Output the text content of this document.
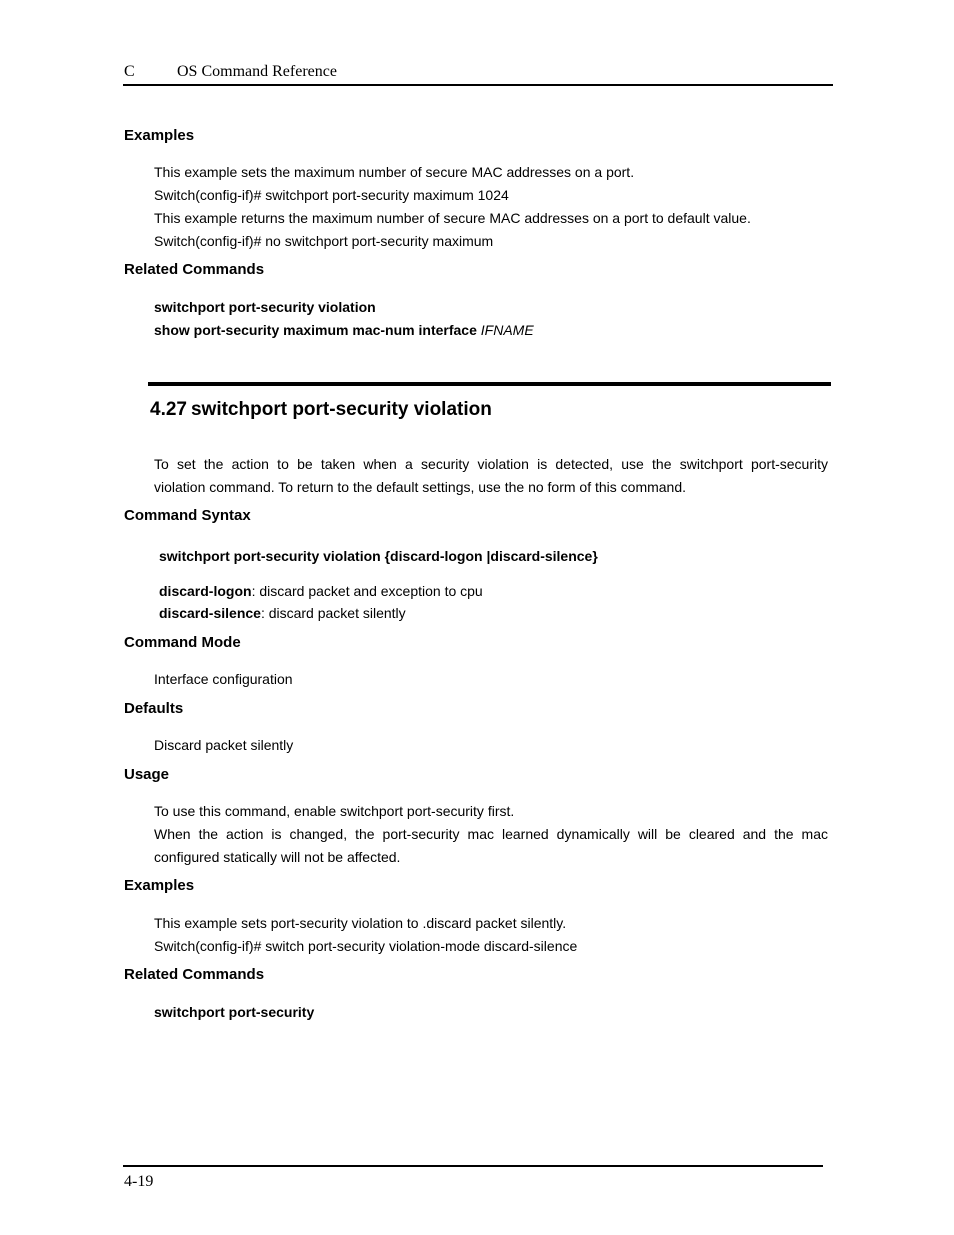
C	OS Command Reference
Examples
This example sets the maximum number of secure MAC addresses on a port.
Switch(config-if)# switchport port-security maximum 1024
This example returns the maximum number of secure MAC addresses on a port to default value.
Switch(config-if)# no switchport port-security maximum
Related Commands
switchport port-security violation
show port-security maximum mac-num interface IFNAME
4.27 switchport port-security violation
To set the action to be taken when a security violation is detected, use the switchport port-security
violation command. To return to the default settings, use the no form of this command.
Command Syntax
switchport port-security violation {discard-logon |discard-silence}
discard-logon: discard packet and exception to cpu
discard-silence: discard packet silently
Command Mode
Interface configuration
Defaults
Discard packet silently
Usage
To use this command, enable switchport port-security first.
When the action is changed, the port-security mac learned dynamically will be cleared and the mac
configured statically will not be affected.
Examples
This example sets port-security violation to .discard packet silently.
Switch(config-if)# switch port-security violation-mode discard-silence
Related Commands
switchport port-security
4-19
